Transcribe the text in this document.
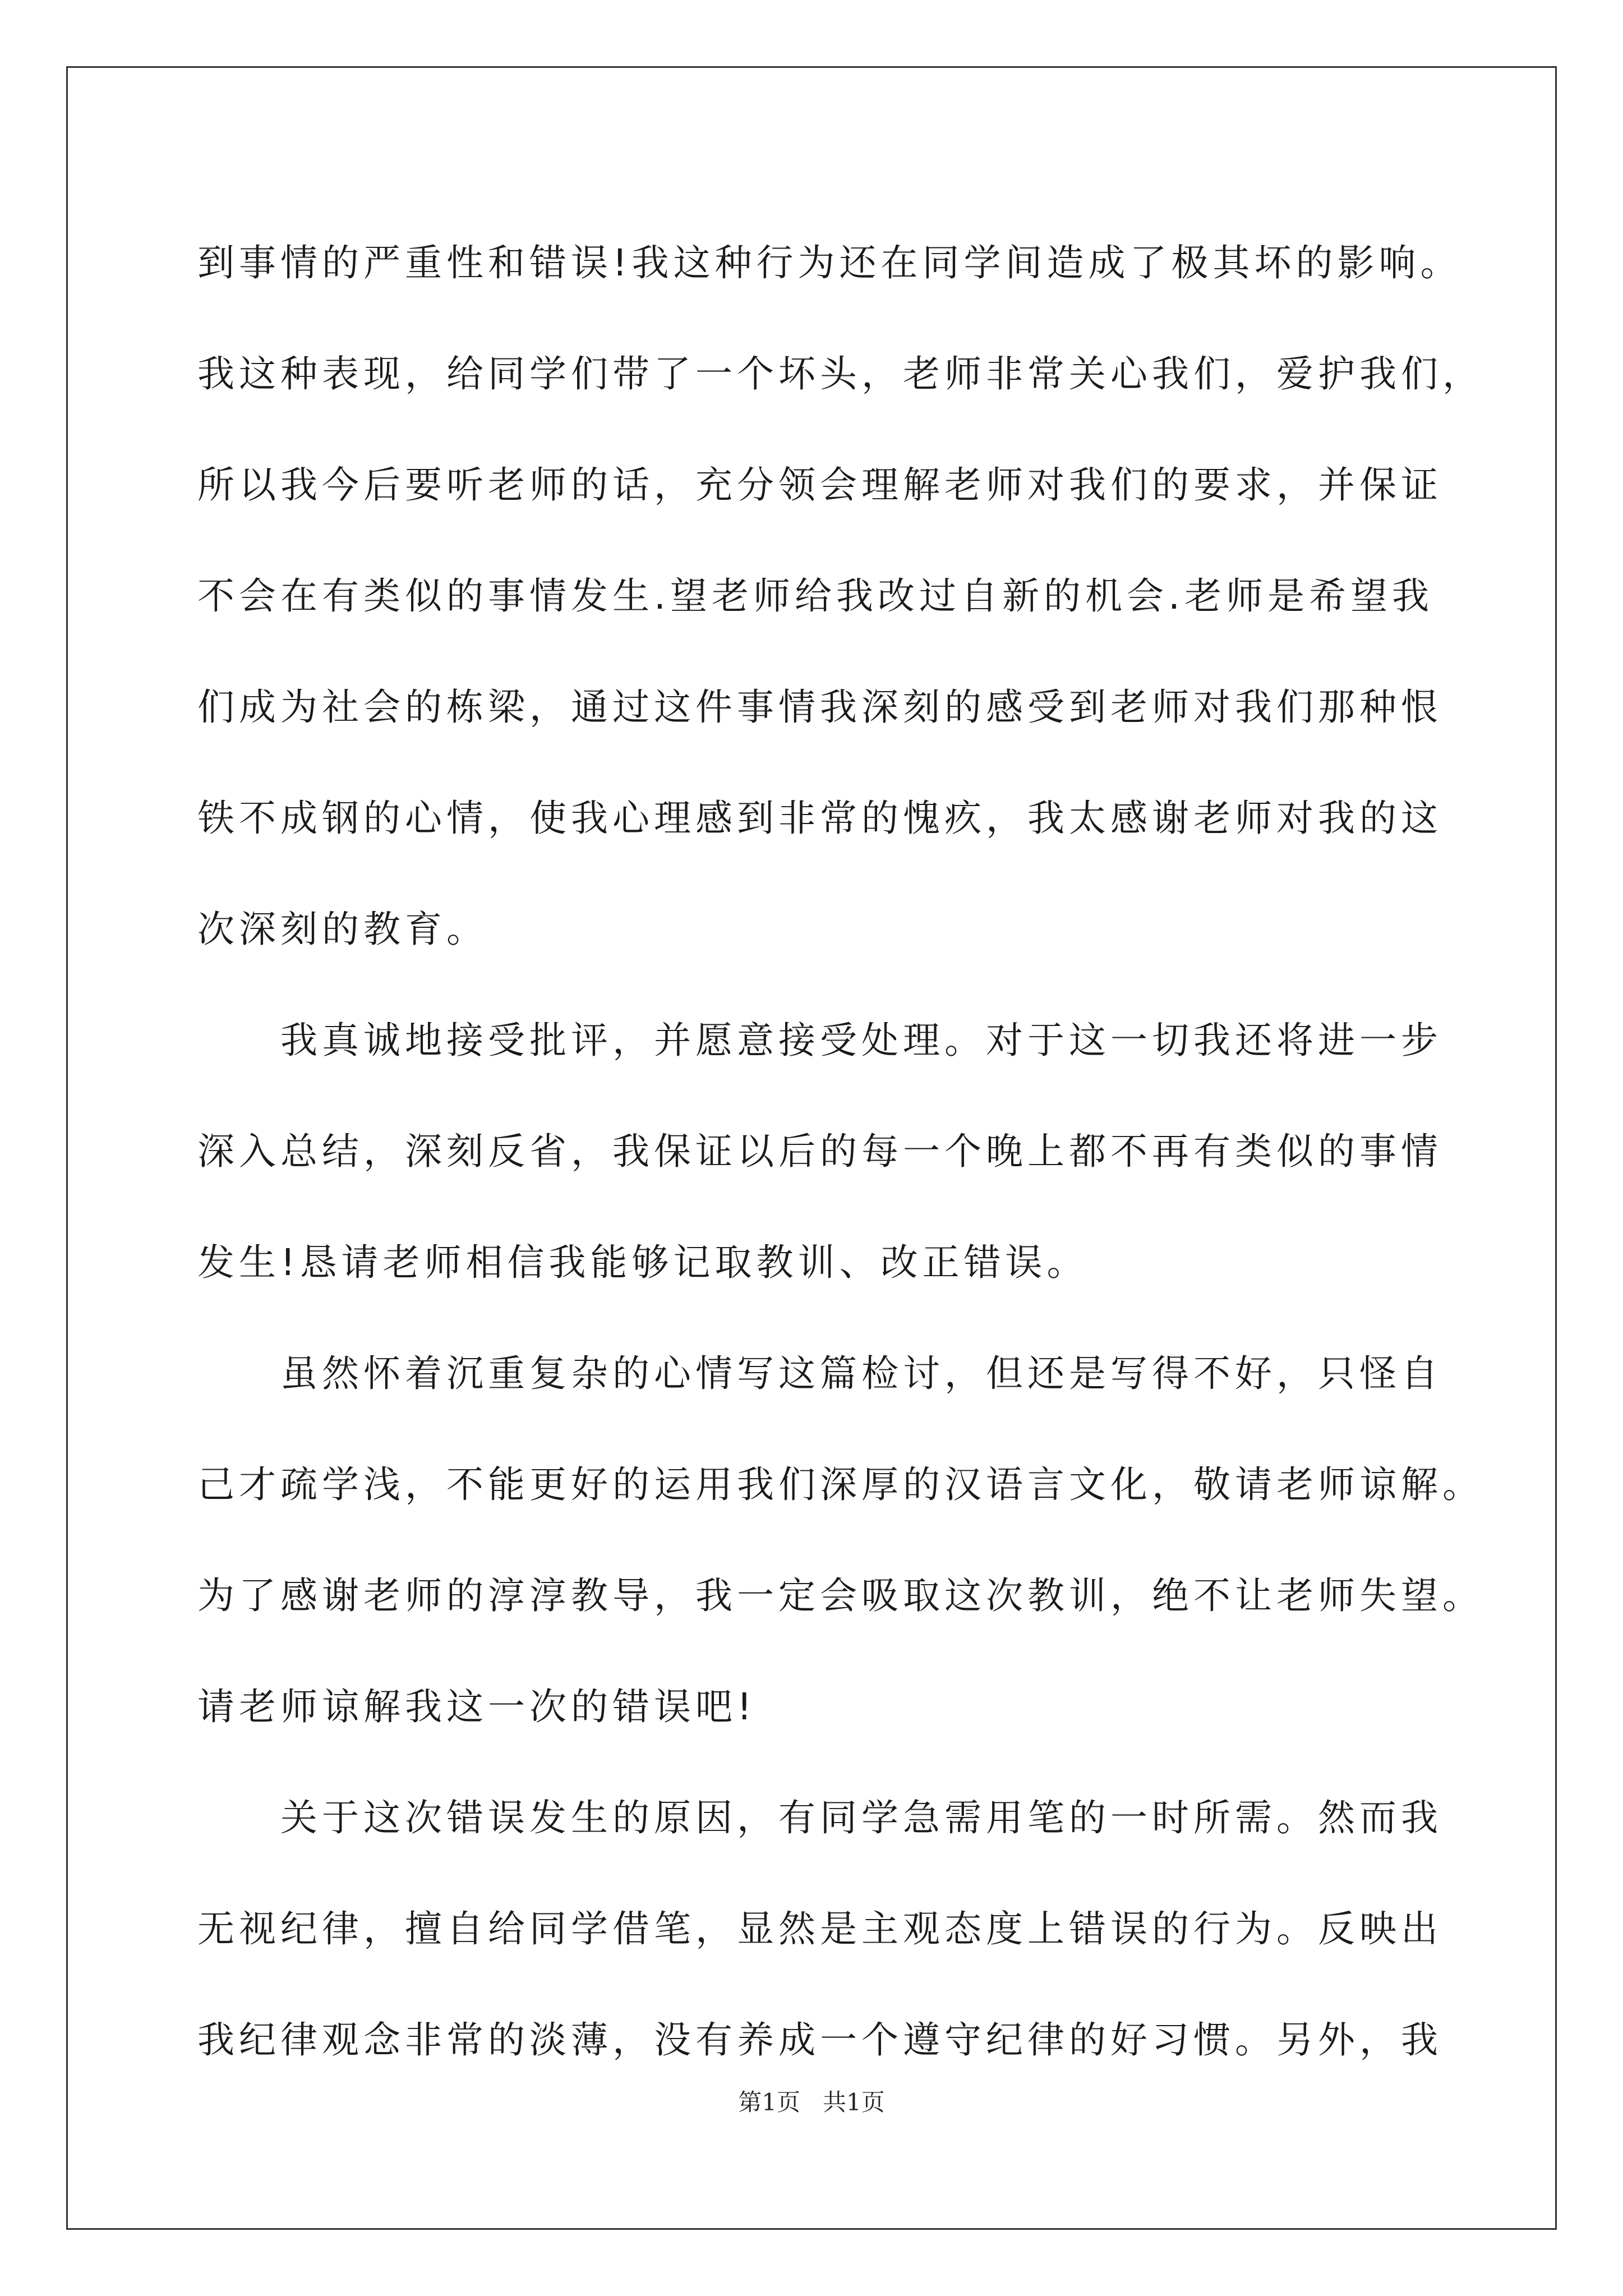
到事情的严重性和错误!我这种行为还在同学间造成了极其坏的影响。
我这种表现，给同学们带了一个坏头，老师非常关心我们，爱护我们，
所以我今后要听老师的话，充分领会理解老师对我们的要求，并保证
不会在有类似的事情发生.望老师给我改过自新的机会.老师是希望我
们成为社会的栋梁，通过这件事情我深刻的感受到老师对我们那种恨
铁不成钢的心情，使我心理感到非常的愧疚，我太感谢老师对我的这
次深刻的教育。
　　我真诚地接受批评，并愿意接受处理。对于这一切我还将进一步
深入总结，深刻反省，我保证以后的每一个晚上都不再有类似的事情
发生!恳请老师相信我能够记取教训、改正错误。
　　虽然怀着沉重复杂的心情写这篇检讨，但还是写得不好，只怪自
己才疏学浅，不能更好的运用我们深厚的汉语言文化，敬请老师谅解。
为了感谢老师的淳淳教导，我一定会吸取这次教训，绝不让老师失望。
请老师谅解我这一次的错误吧!
　　关于这次错误发生的原因，有同学急需用笔的一时所需。然而我
无视纪律，擅自给同学借笔，显然是主观态度上错误的行为。反映出
我纪律观念非常的淡薄，没有养成一个遵守纪律的好习惯。另外，我
第1页   共1页
